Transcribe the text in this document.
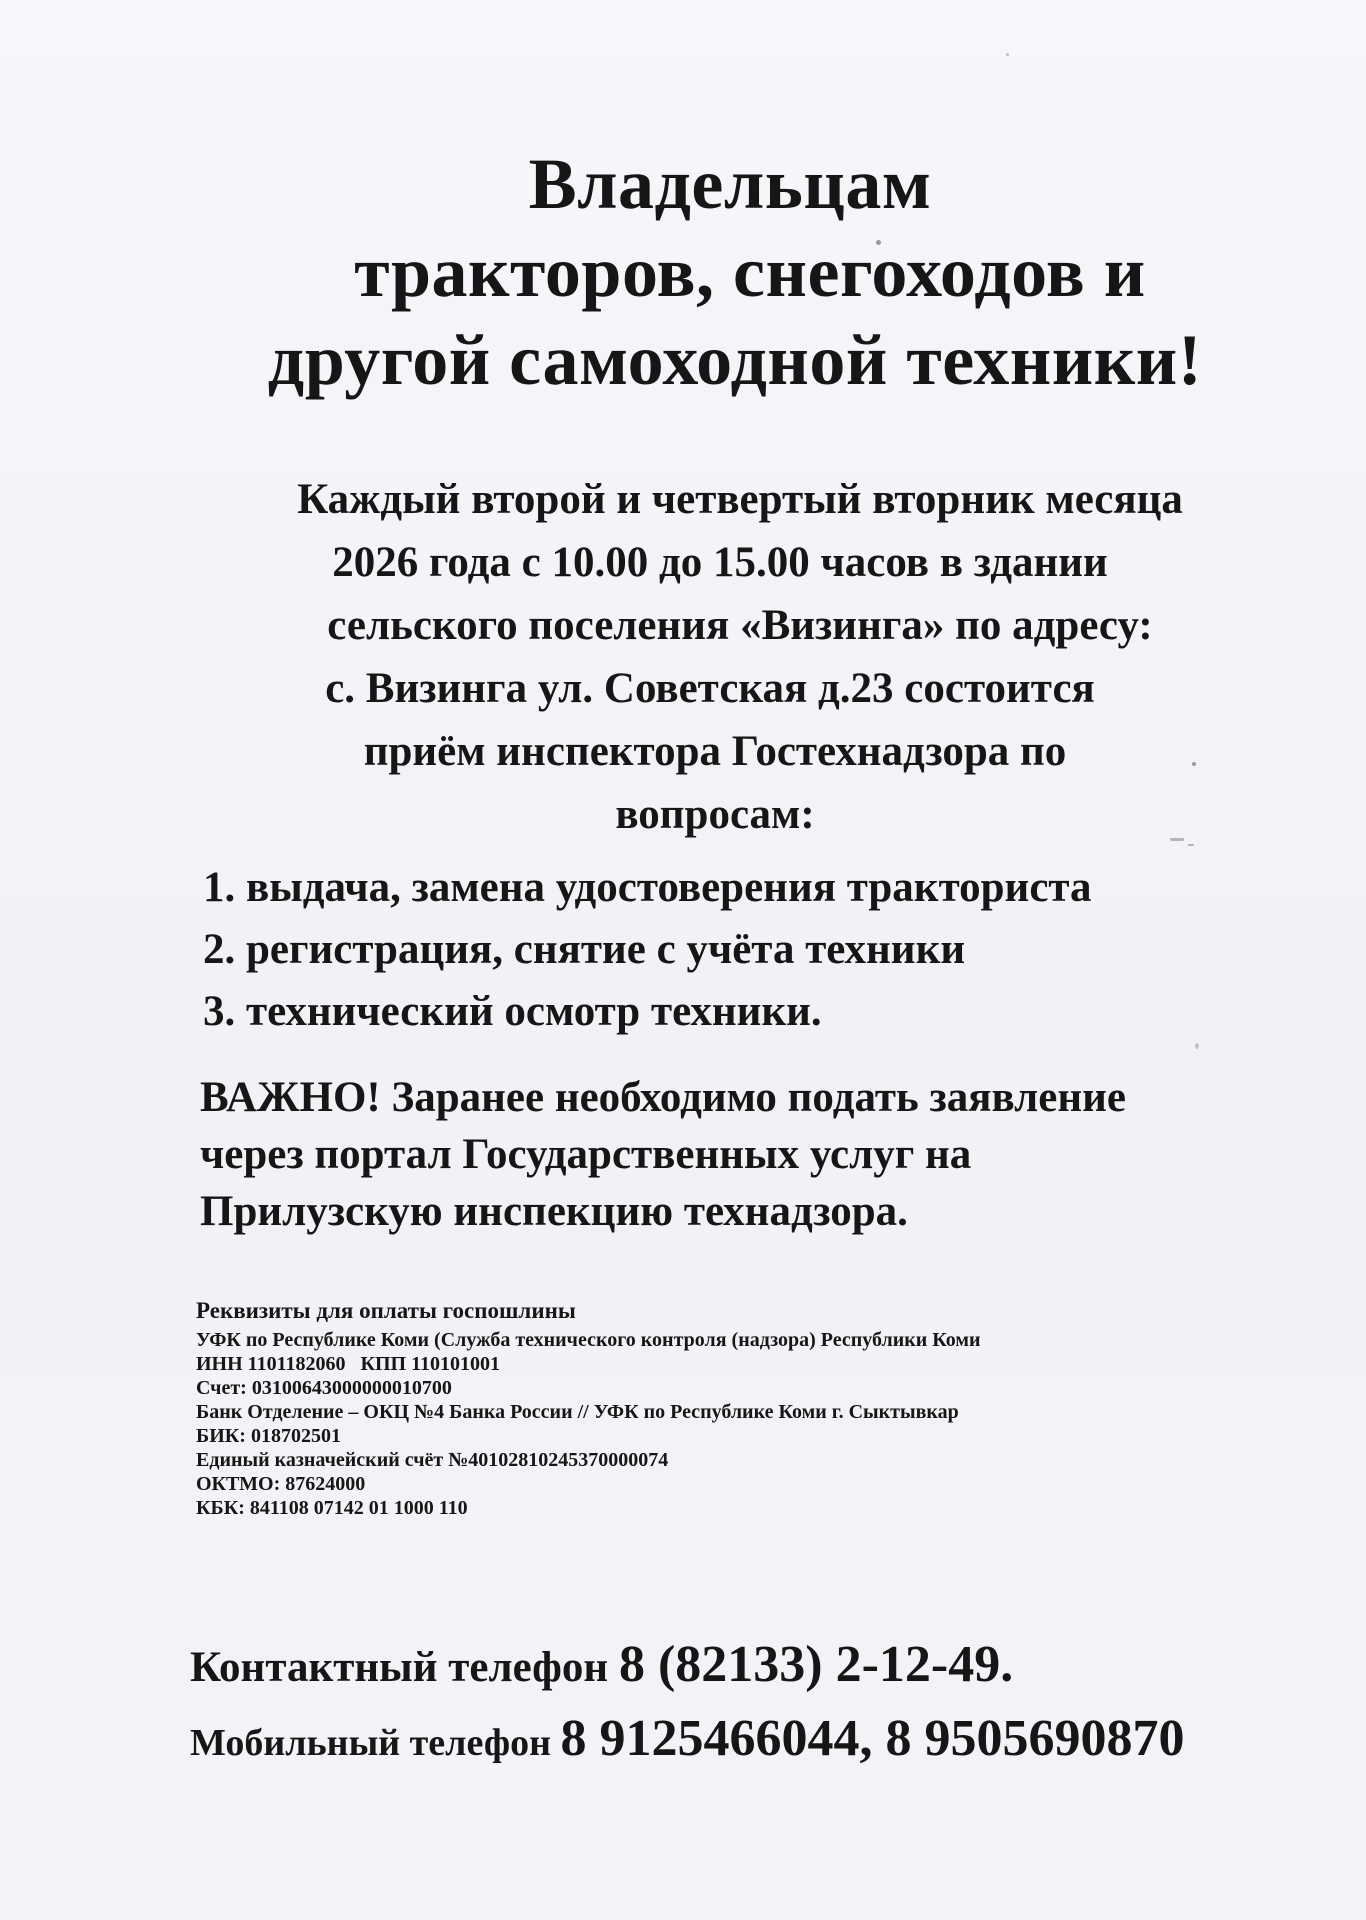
Владельцам
тракторов, снегоходов и
другой самоходной техники!
Каждый второй и четвертый вторник месяца
2026 года с 10.00 до 15.00 часов в здании
сельского поселения «Визинга» по адресу:
с. Визинга ул. Советская д.23 состоится
приём инспектора Гостехнадзора по
вопросам:
1. выдача, замена удостоверения тракториста
2. регистрация, снятие с учёта техники
3. технический осмотр техники.
ВАЖНО! Заранее необходимо подать заявление
через портал Государственных услуг на
Прилузскую инспекцию технадзора.
Реквизиты для оплаты госпошлины
УФК по Республике Коми (Служба технического контроля (надзора) Республики Коми
ИНН 1101182060   КПП 110101001
Счет: 03100643000000010700
Банк Отделение – ОКЦ №4 Банка России // УФК по Республике Коми г. Сыктывкар
БИК: 018702501
Единый казначейский счёт №40102810245370000074
ОКТМО: 87624000
КБК: 841108 07142 01 1000 110
Контактный телефон 8 (82133) 2-12-49.
Мобильный телефон 8 9125466044, 8 9505690870
